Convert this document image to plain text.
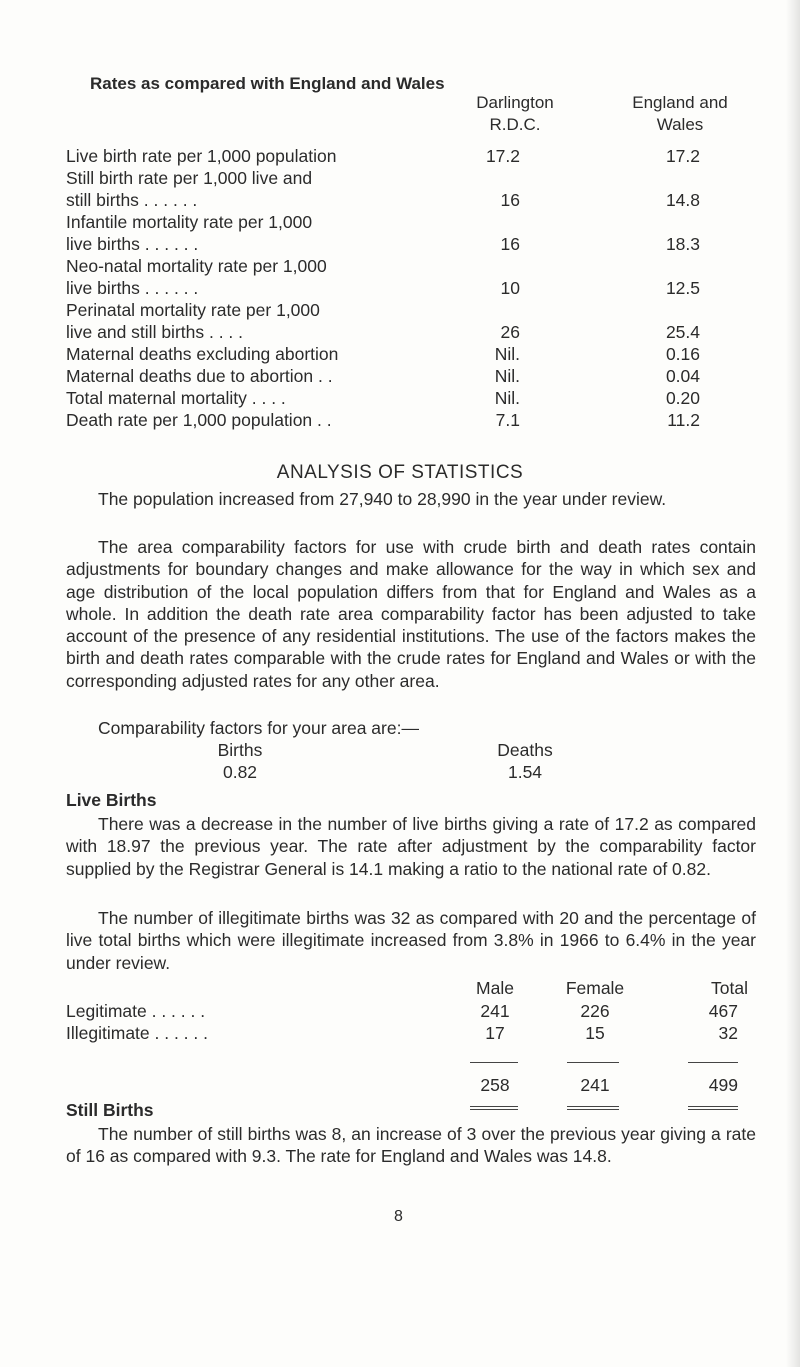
Rates as compared with England and Wales
Darlington
R.D.C.
England and
Wales
Live birth rate per 1,000 population	17.2	17.2
Still birth rate per 1,000 live and
still births . . . . . .	16	14.8
Infantile mortality rate per 1,000
live births . . . . . .	16	18.3
Neo-natal mortality rate per 1,000
live births . . . . . .	10	12.5
Perinatal mortality rate per 1,000
live and still births . . . .	26	25.4
Maternal deaths excluding abortion	Nil.	0.16
Maternal deaths due to abortion . .	Nil.	0.04
Total maternal mortality . . . .	Nil.	0.20
Death rate per 1,000 population . .	7.1	11.2
ANALYSIS OF STATISTICS
The population increased from 27,940 to 28,990 in the year under review.
The area comparability factors for use with crude birth and death rates contain adjustments for boundary changes and make allowance for the way in which sex and age distribution of the local population differs from that for England and Wales as a whole. In addition the death rate area comparability factor has been adjusted to take account of the presence of any residential institutions. The use of the factors makes the birth and death rates comparable with the crude rates for England and Wales or with the corresponding adjusted rates for any other area.
Comparability factors for your area are:—
Births
0.82
Deaths
1.54
Live Births
There was a decrease in the number of live births giving a rate of 17.2 as compared with 18.97 the previous year. The rate after adjustment by the comparability factor supplied by the Registrar General is 14.1 making a ratio to the national rate of 0.82.
The number of illegitimate births was 32 as compared with 20 and the percentage of live total births which were illegitimate increased from 3.8% in 1966 to 6.4% in the year under review.
Male	Female	Total
Legitimate . . . . . .	241	226	467
Illegitimate . . . . . .	17	15	32
258	241	499
Still Births
The number of still births was 8, an increase of 3 over the previous year giving a rate of 16 as compared with 9.3. The rate for England and Wales was 14.8.
8
